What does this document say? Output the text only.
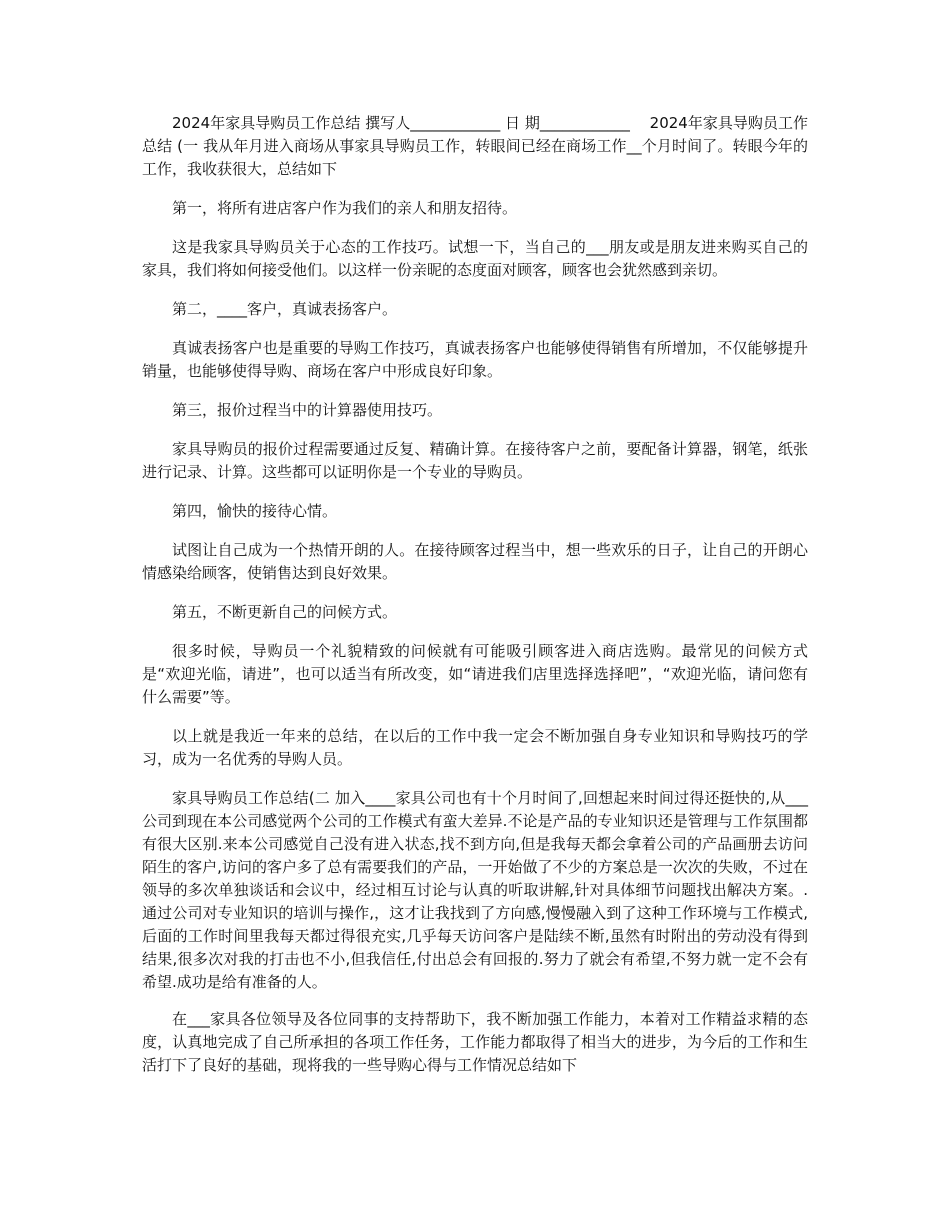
2024年家具导购员工作总结 撰写人____________ 日 期____________　 2024年家具导购员工作总结 (一 我从年月进入商场从事家具导购员工作，转眼间已经在商场工作__个月时间了。转眼今年的工作，我收获很大，总结如下

第一，将所有进店客户作为我们的亲人和朋友招待。

这是我家具导购员关于心态的工作技巧。试想一下，当自己的___朋友或是朋友进来购买自己的家具，我们将如何接受他们。以这样一份亲昵的态度面对顾客，顾客也会犹然感到亲切。

第二，____客户，真诚表扬客户。

真诚表扬客户也是重要的导购工作技巧，真诚表扬客户也能够使得销售有所增加，不仅能够提升销量，也能够使得导购、商场在客户中形成良好印象。

第三，报价过程当中的计算器使用技巧。

家具导购员的报价过程需要通过反复、精确计算。在接待客户之前，要配备计算器，钢笔，纸张进行记录、计算。这些都可以证明你是一个专业的导购员。

第四，愉快的接待心情。

试图让自己成为一个热情开朗的人。在接待顾客过程当中，想一些欢乐的日子，让自己的开朗心情感染给顾客，使销售达到良好效果。

第五，不断更新自己的问候方式。

很多时候，导购员一个礼貌精致的问候就有可能吸引顾客进入商店选购。最常见的问候方式是“欢迎光临，请进”，也可以适当有所改变，如“请进我们店里选择选择吧”，“欢迎光临，请问您有什么需要”等。

以上就是我近一年来的总结，在以后的工作中我一定会不断加强自身专业知识和导购技巧的学习，成为一名优秀的导购人员。

家具导购员工作总结(二 加入____家具公司也有十个月时间了,回想起来时间过得还挺快的,从___公司到现在本公司感觉两个公司的工作模式有蛮大差异.不论是产品的专业知识还是管理与工作氛围都有很大区别.来本公司感觉自己没有进入状态,找不到方向,但是我每天都会拿着公司的产品画册去访问陌生的客户,访问的客户多了总有需要我们的产品，一开始做了不少的方案总是一次次的失败，不过在领导的多次单独谈话和会议中，经过相互讨论与认真的听取讲解,针对具体细节问题找出解决方案。.通过公司对专业知识的培训与操作,，这才让我找到了方向感,慢慢融入到了这种工作环境与工作模式,后面的工作时间里我每天都过得很充实,几乎每天访问客户是陆续不断,虽然有时附出的劳动没有得到结果,很多次对我的打击也不小,但我信任,付出总会有回报的.努力了就会有希望,不努力就一定不会有希望.成功是给有准备的人。

在___家具各位领导及各位同事的支持帮助下，我不断加强工作能力，本着对工作精益求精的态度，认真地完成了自己所承担的各项工作任务，工作能力都取得了相当大的进步，为今后的工作和生活打下了良好的基础，现将我的一些导购心得与工作情况总结如下
